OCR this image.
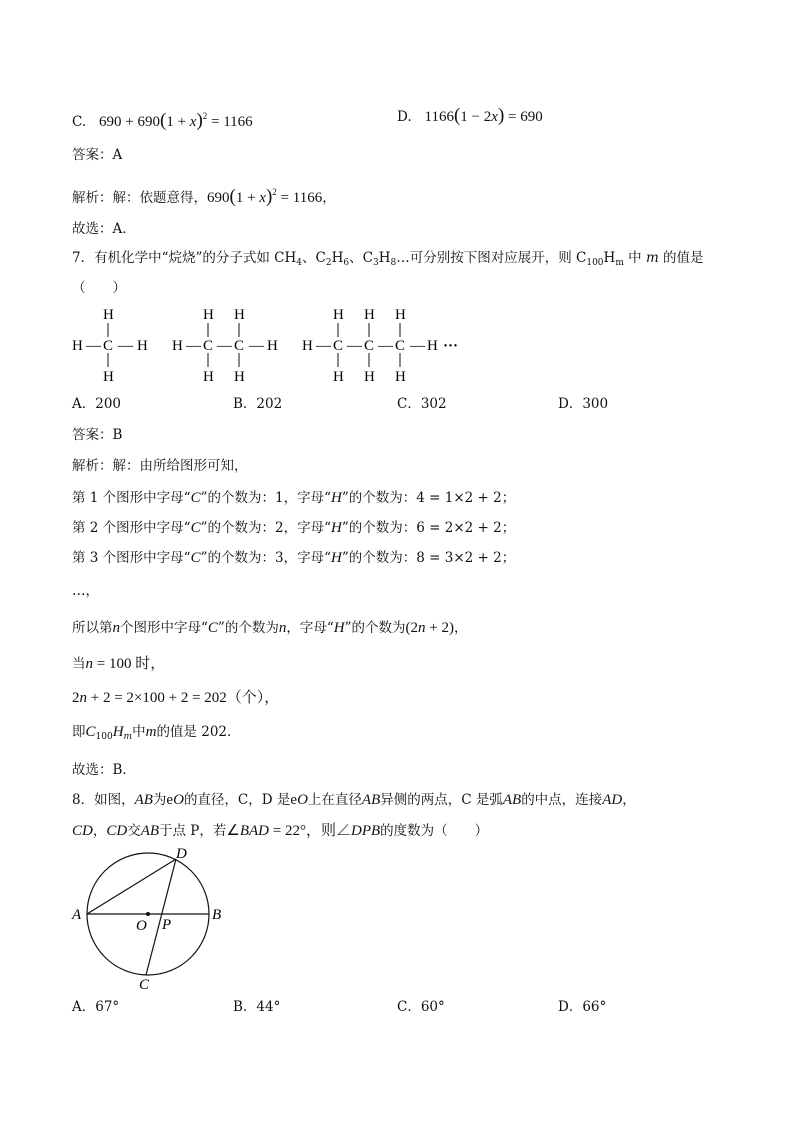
C. $690 + 690(1 + x)^2 = 1166$	D. 1166(1 − 2x) = 690
答案：A
解析：解：依题意得，$690(1 + x)^2 = 1166$，
故选：A．
7．有机化学中“烷烧”的分子式如 $CH_4$、$C_2H_6$、$C_3H_8\dots$可分别按下图对应展开，则 $C_{100}H_m$ 中 m 的值是
（　　）
H
H — C — H
H
H H
H — C — C — H
H H
H H H
H — C — C — C — H ···
H H H
A．200	B．202	C．302	D．300
答案：B
解析：解：由所给图形可知，
第 1 个图形中字母“C”的个数为：1，字母“H”的个数为：4 = 1×2 + 2；
第 2 个图形中字母“C”的个数为：2，字母“H”的个数为：6 = 2×2 + 2；
第 3 个图形中字母“C”的个数为：3，字母“H”的个数为：8 = 3×2 + 2；
…，
所以第n个图形中字母“C”的个数为n，字母“H”的个数为(2n + 2)，
当n = 100 时，
2n + 2 = 2×100 + 2 = 202（个），
即$C_{100}H_m$中m的值是 202．
故选：B．
8．如图，AB为eO的直径，C，D 是eO上在直径AB异侧的两点，C 是弧AB的中点，连接AD，
CD，CD交AB于点 P，若∠BAD = 22°，则∠DPB的度数为（　　）
A	B
D
C
O P
A．67°	B．44°	C．60°	D．66°
